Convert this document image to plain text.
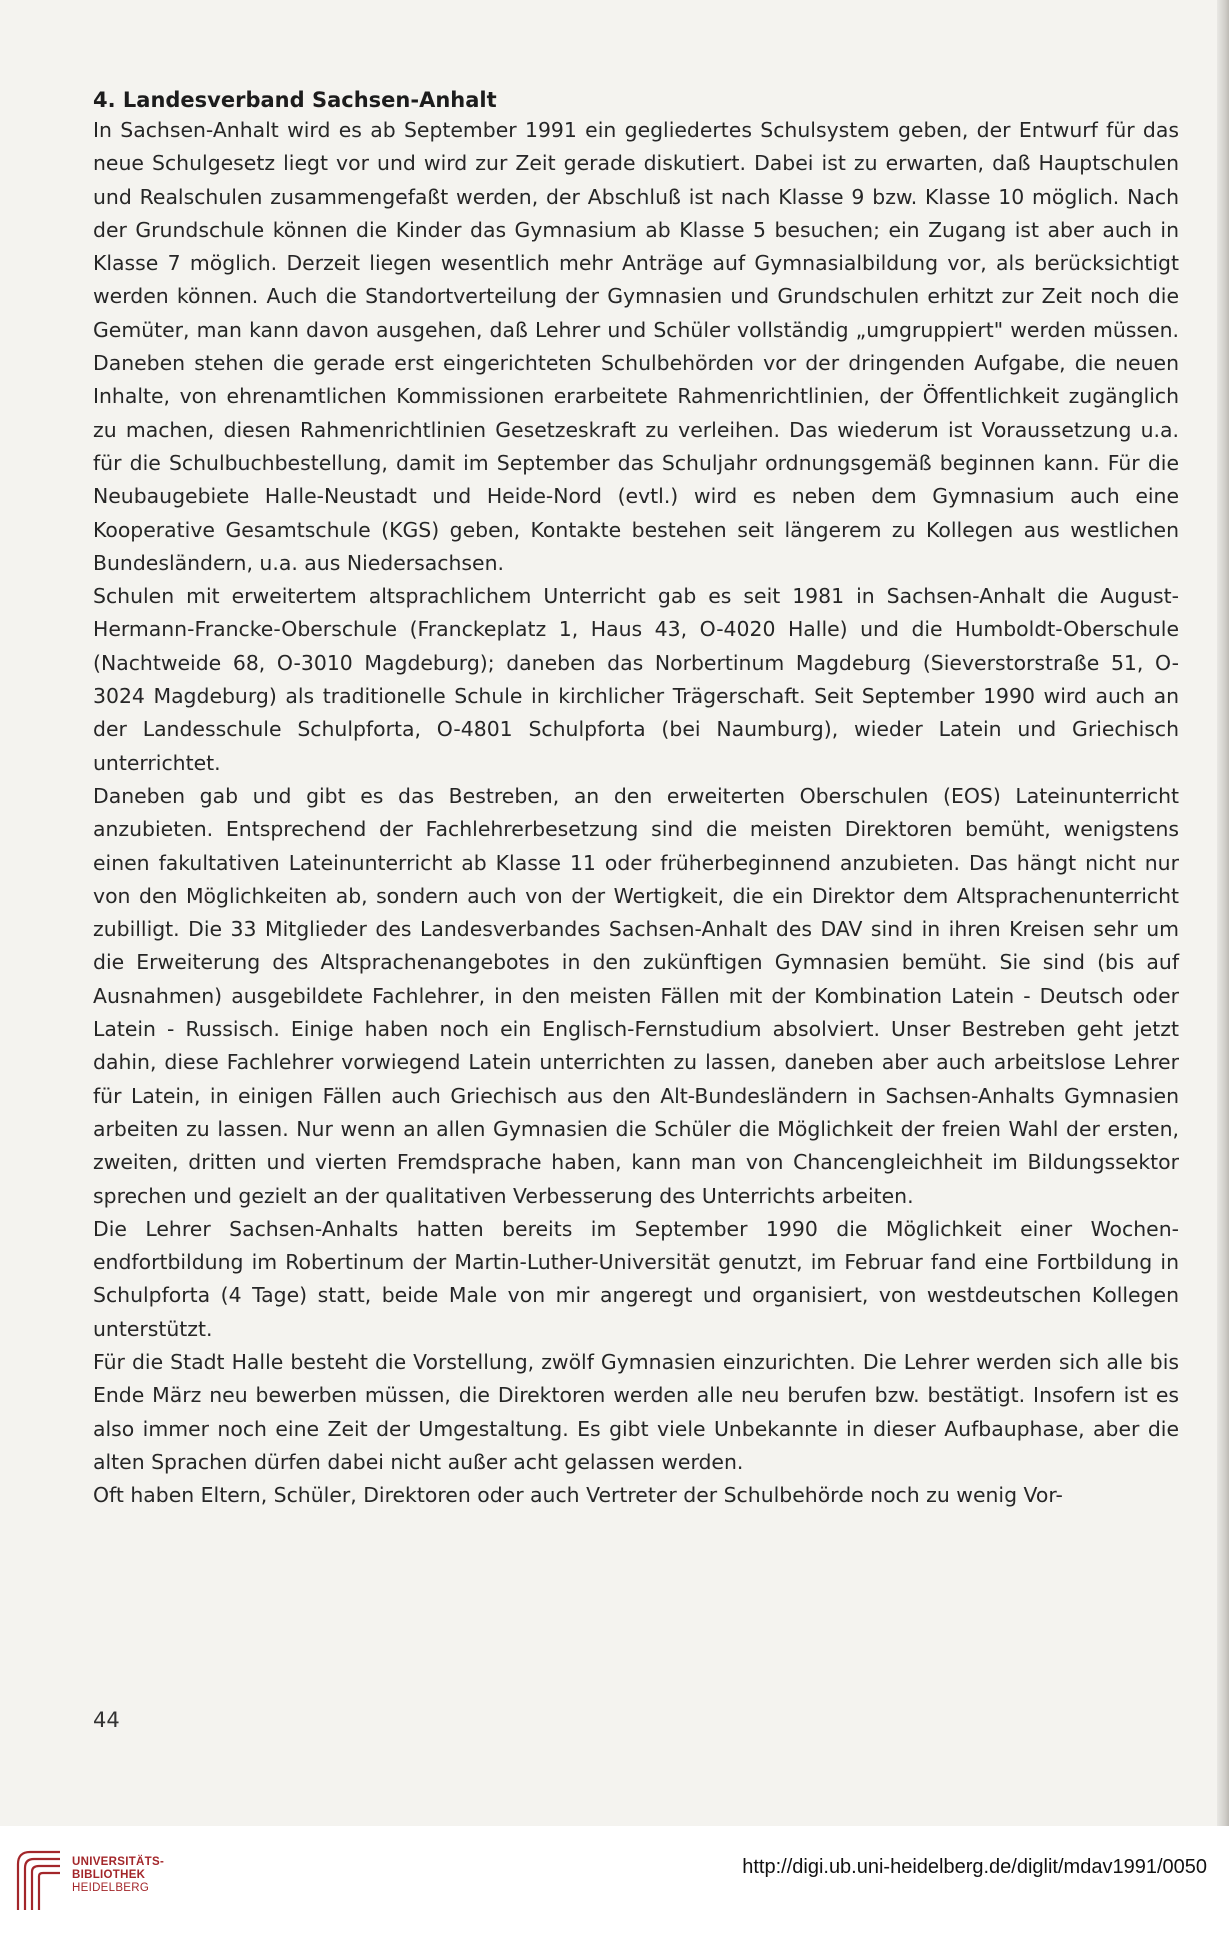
4. Landesverband Sachsen-Anhalt

In Sachsen-Anhalt wird es ab September 1991 ein gegliedertes Schulsystem geben, der Entwurf für das neue Schulgesetz liegt vor und wird zur Zeit gerade diskutiert. Dabei ist zu erwarten, daß Hauptschulen und Realschulen zusammengefaßt werden, der Abschluß ist nach Klasse 9 bzw. Klasse 10 möglich. Nach der Grundschule können die Kinder das Gymnasium ab Klasse 5 besuchen; ein Zugang ist aber auch in Klasse 7 möglich. Derzeit liegen wesentlich mehr Anträge auf Gymnasialbildung vor, als berücksichtigt werden können. Auch die Standortverteilung der Gymnasien und Grundschulen erhitzt zur Zeit noch die Gemüter, man kann davon ausgehen, daß Lehrer und Schüler vollständig „umgruppiert" werden müssen. Daneben stehen die gerade erst eingerichteten Schulbehörden vor der dringenden Aufgabe, die neuen Inhalte, von ehrenamtlichen Kommissionen erarbeitete Rahmenrichtlinien, der Öffentlichkeit zugänglich zu machen, diesen Rahmenrichtlinien Gesetzeskraft zu verleihen. Das wiederum ist Voraussetzung u.a. für die Schulbuchbestellung, damit im September das Schuljahr ordnungsgemäß beginnen kann. Für die Neubaugebiete Halle-Neustadt und Heide-Nord (evtl.) wird es neben dem Gymnasium auch eine Kooperative Gesamtschule (KGS) geben, Kontakte bestehen seit längerem zu Kollegen aus westlichen Bundesländern, u.a. aus Niedersachsen.

Schulen mit erweitertem altsprachlichem Unterricht gab es seit 1981 in Sachsen-Anhalt die August-Hermann-Francke-Oberschule (Franckeplatz 1, Haus 43, O-4020 Halle) und die Humboldt-Oberschule (Nachtweide 68, O-3010 Magdeburg); daneben das Norbertinum Magdeburg (Sieverstorstraße 51, O-3024 Magdeburg) als traditionelle Schule in kirchlicher Trägerschaft. Seit September 1990 wird auch an der Landesschule Schulpforta, O-4801 Schulpforta (bei Naumburg), wieder Latein und Griechisch unterrichtet.

Daneben gab und gibt es das Bestreben, an den erweiterten Oberschulen (EOS) Lateinunterricht anzubieten. Entsprechend der Fachlehrerbesetzung sind die meisten Direktoren bemüht, wenigstens einen fakultativen Lateinunterricht ab Klasse 11 oder früherbeginnend anzubieten. Das hängt nicht nur von den Möglichkeiten ab, sondern auch von der Wertigkeit, die ein Direktor dem Altsprachenunterricht zubilligt. Die 33 Mitglieder des Landesverbandes Sachsen-Anhalt des DAV sind in ihren Kreisen sehr um die Erweiterung des Altsprachenangebotes in den zukünftigen Gymnasien bemüht. Sie sind (bis auf Ausnahmen) ausgebildete Fachlehrer, in den meisten Fällen mit der Kombination Latein - Deutsch oder Latein - Russisch. Einige haben noch ein Englisch-Fernstudium absolviert. Unser Bestreben geht jetzt dahin, diese Fachlehrer vorwiegend Latein unterrichten zu lassen, daneben aber auch arbeitslose Lehrer für Latein, in einigen Fällen auch Griechisch aus den Alt-Bundesländern in Sachsen-Anhalts Gymnasien arbeiten zu lassen. Nur wenn an allen Gymnasien die Schüler die Möglichkeit der freien Wahl der ersten, zweiten, dritten und vierten Fremdsprache haben, kann man von Chancengleichheit im Bildungssektor sprechen und gezielt an der qualitativen Verbesserung des Unterrichts arbeiten.

Die Lehrer Sachsen-Anhalts hatten bereits im September 1990 die Möglichkeit einer Wochenendfortbildung im Robertinum der Martin-Luther-Universität genutzt, im Februar fand eine Fortbildung in Schulpforta (4 Tage) statt, beide Male von mir angeregt und organisiert, von westdeutschen Kollegen unterstützt.

Für die Stadt Halle besteht die Vorstellung, zwölf Gymnasien einzurichten. Die Lehrer werden sich alle bis Ende März neu bewerben müssen, die Direktoren werden alle neu berufen bzw. bestätigt. Insofern ist es also immer noch eine Zeit der Umgestaltung. Es gibt viele Unbekannte in dieser Aufbauphase, aber die alten Sprachen dürfen dabei nicht außer acht gelassen werden.

Oft haben Eltern, Schüler, Direktoren oder auch Vertreter der Schulbehörde noch zu wenig Vor-

44
UNIVERSITÄTS-
BIBLIOTHEK
HEIDELBERG
http://digi.ub.uni-heidelberg.de/diglit/mdav1991/0050
